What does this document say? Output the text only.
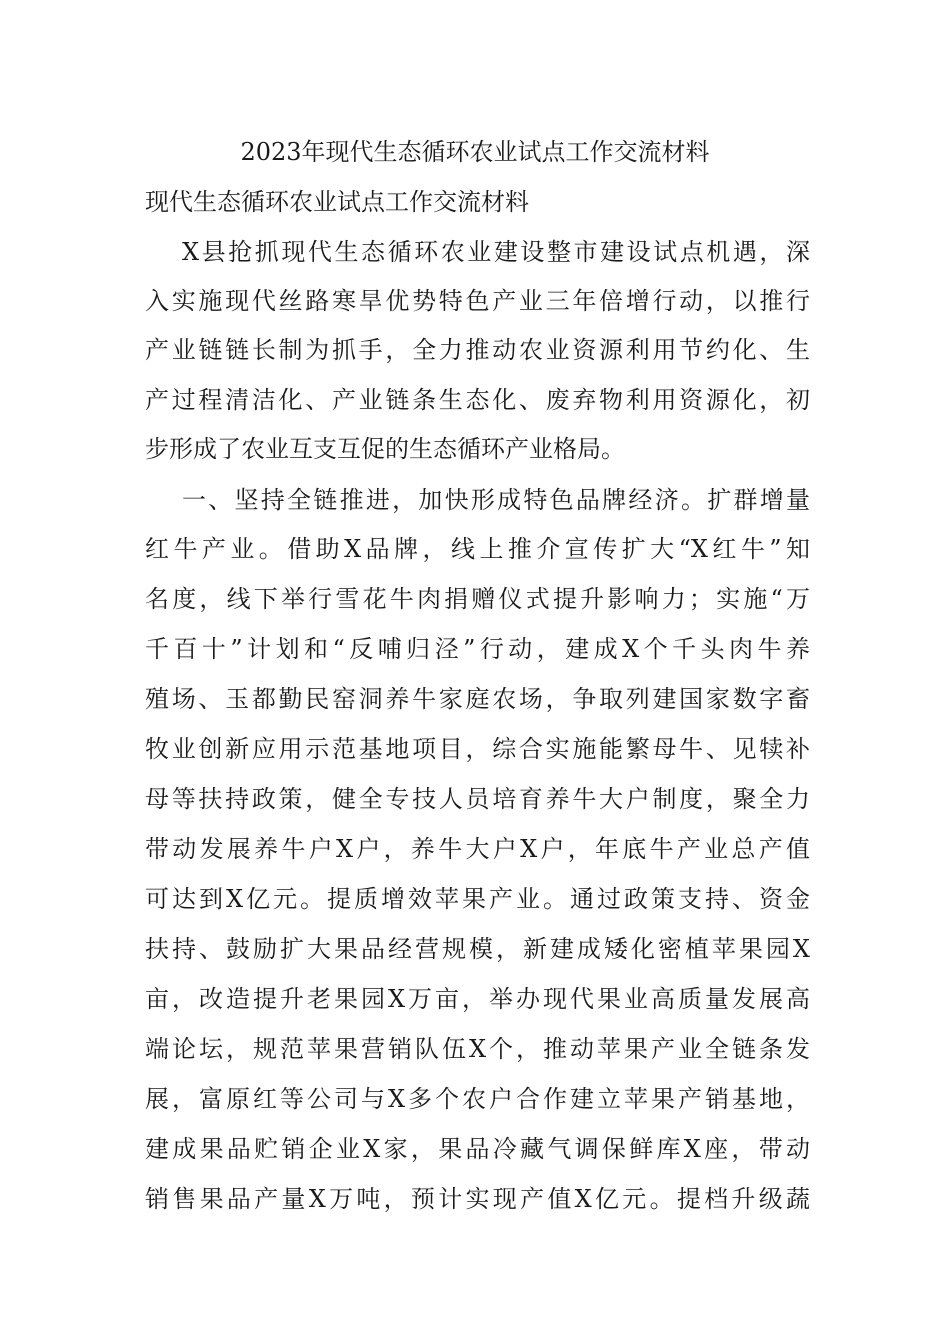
2023年现代生态循环农业试点工作交流材料

现代生态循环农业试点工作交流材料

X县抢抓现代生态循环农业建设整市建设试点机遇，深

入实施现代丝路寒旱优势特色产业三年倍增行动，以推行

产业链链长制为抓手，全力推动农业资源利用节约化、生

产过程清洁化、产业链条生态化、废弃物利用资源化，初

步形成了农业互支互促的生态循环产业格局。

一、坚持全链推进，加快形成特色品牌经济。扩群增量

红牛产业。借助X品牌，线上推介宣传扩大“X红牛”知

名度，线下举行雪花牛肉捐赠仪式提升影响力；实施“万

千百十”计划和“反哺归泾”行动，建成X个千头肉牛养

殖场、玉都勤民窑洞养牛家庭农场，争取列建国家数字畜

牧业创新应用示范基地项目，综合实施能繁母牛、见犊补

母等扶持政策，健全专技人员培育养牛大户制度，聚全力

带动发展养牛户X户，养牛大户X户，年底牛产业总产值

可达到X亿元。提质增效苹果产业。通过政策支持、资金

扶持、鼓励扩大果品经营规模，新建成矮化密植苹果园X

亩，改造提升老果园X万亩，举办现代果业高质量发展高

端论坛，规范苹果营销队伍X个，推动苹果产业全链条发

展，富原红等公司与X多个农户合作建立苹果产销基地，

建成果品贮销企业X家，果品冷藏气调保鲜库X座，带动

销售果品产量X万吨，预计实现产值X亿元。提档升级蔬
